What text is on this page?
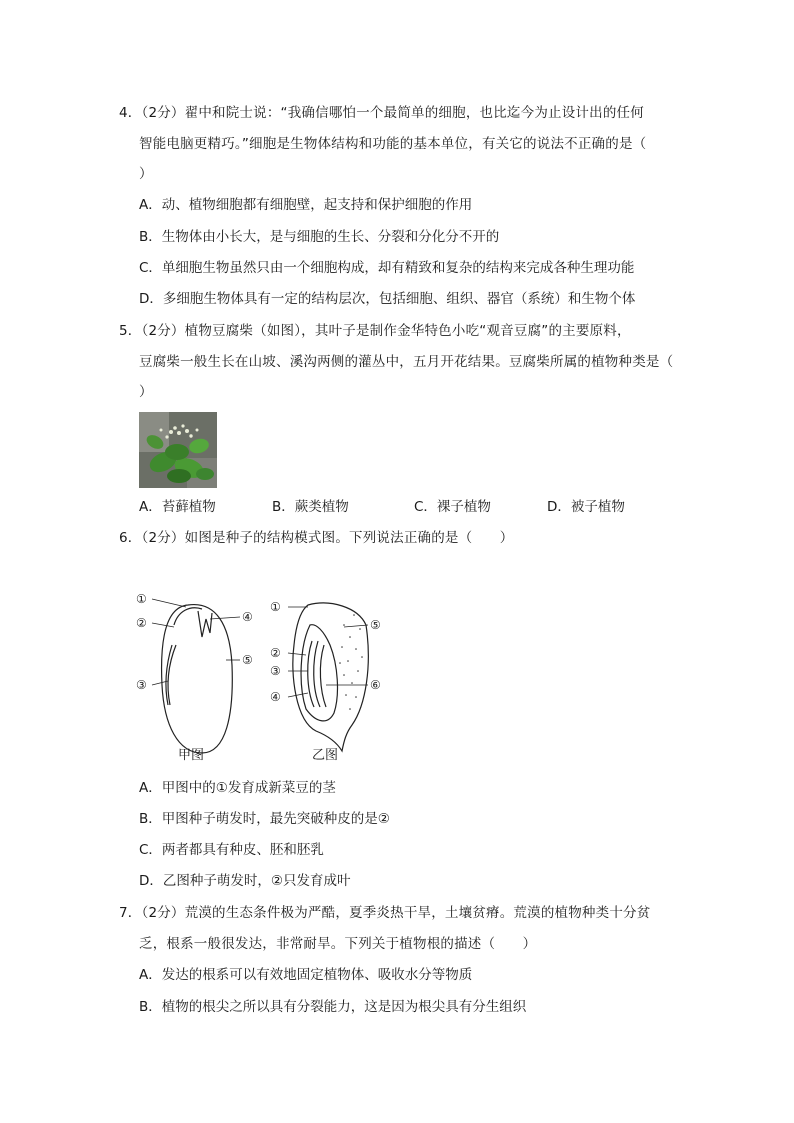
4．（2分）翟中和院士说：“我确信哪怕一个最简单的细胞，也比迄今为止设计出的任何
智能电脑更精巧。”细胞是生物体结构和功能的基本单位，有关它的说法不正确的是（
）
A．动、植物细胞都有细胞壁，起支持和保护细胞的作用
B．生物体由小长大，是与细胞的生长、分裂和分化分不开的
C．单细胞生物虽然只由一个细胞构成，却有精致和复杂的结构来完成各种生理功能
D．多细胞生物体具有一定的结构层次，包括细胞、组织、器官（系统）和生物个体
5．（2分）植物豆腐柴（如图），其叶子是制作金华特色小吃“观音豆腐”的主要原料，
豆腐柴一般生长在山坡、溪沟两侧的灌丛中，五月开花结果。豆腐柴所属的植物种类是（
）
A．苔藓植物	B．蕨类植物	C．裸子植物	D．被子植物
6．（2分）如图是种子的结构模式图。下列说法正确的是（　　）
①
②
③
④
⑤
①
②
③
④
⑤
⑥
甲图	乙图
A．甲图中的①发育成新菜豆的茎
B．甲图种子萌发时，最先突破种皮的是②
C．两者都具有种皮、胚和胚乳
D．乙图种子萌发时，②只发育成叶
7．（2分）荒漠的生态条件极为严酷，夏季炎热干旱，土壤贫瘠。荒漠的植物种类十分贫
乏，根系一般很发达，非常耐旱。下列关于植物根的描述（　　）
A．发达的根系可以有效地固定植物体、吸收水分等物质
B．植物的根尖之所以具有分裂能力，这是因为根尖具有分生组织
